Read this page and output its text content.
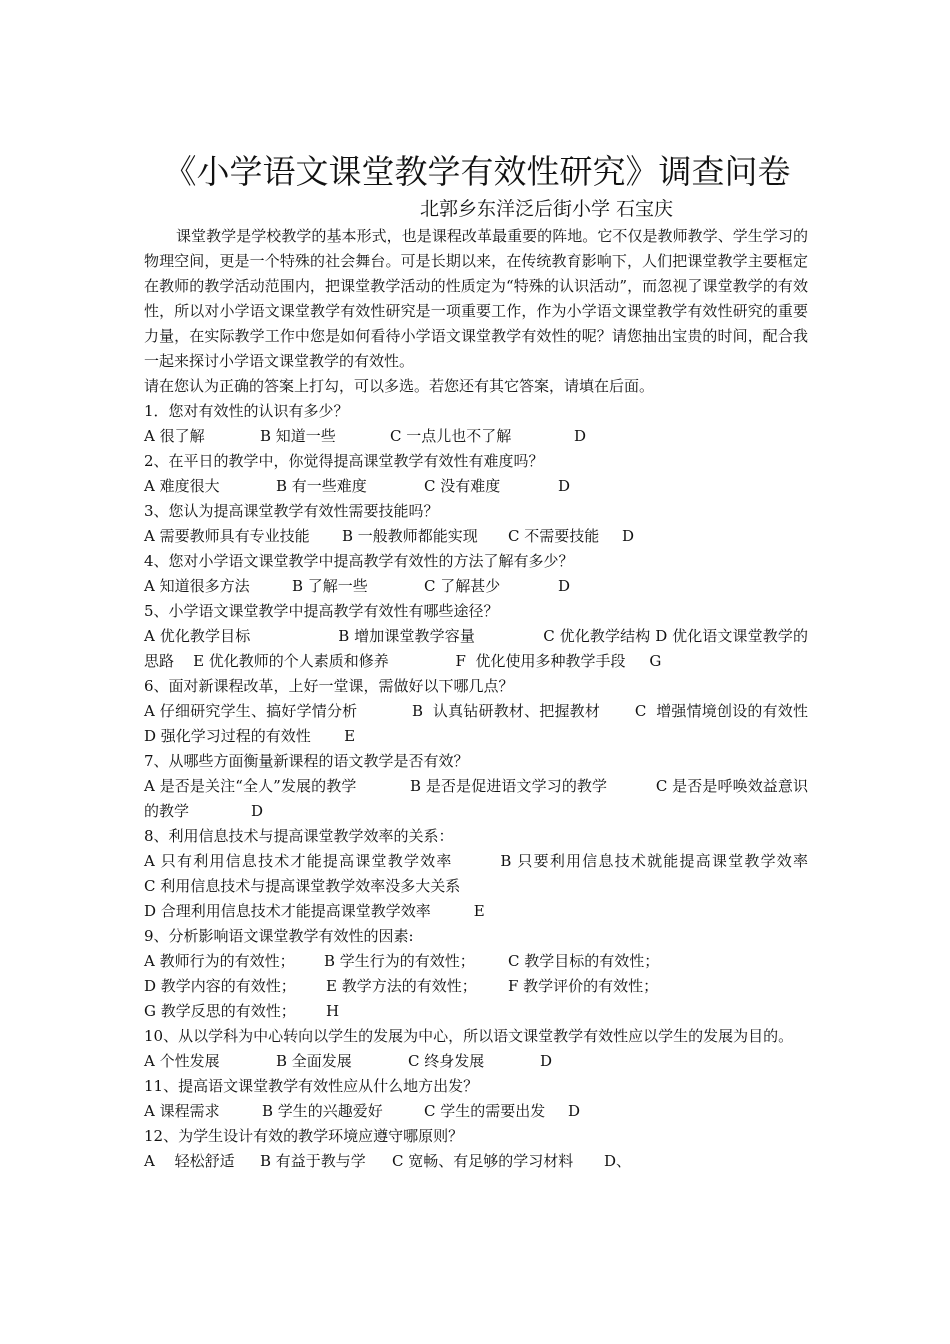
《小学语文课堂教学有效性研究》调查问卷
北郭乡东洋泛后街小学 石宝庆

课堂教学是学校教学的基本形式，也是课程改革最重要的阵地。它不仅是教师教学、学生学习的物理空间，更是一个特殊的社会舞台。可是长期以来，在传统教育影响下，人们把课堂教学主要框定在教师的教学活动范围内，把课堂教学活动的性质定为“特殊的认识活动”，而忽视了课堂教学的有效性，所以对小学语文课堂教学有效性研究是一项重要工作，作为小学语文课堂教学有效性研究的重要力量，在实际教学工作中您是如何看待小学语文课堂教学有效性的呢？请您抽出宝贵的时间，配合我一起来探讨小学语文课堂教学的有效性。

请在您认为正确的答案上打勾，可以多选。若您还有其它答案，请填在后面。

1．您对有效性的认识有多少？

A 很了解	B 知道一些	C 一点儿也不了解	D

2、在平日的教学中，你觉得提高课堂教学有效性有难度吗？

A 难度很大	B 有一些难度	C 没有难度	D

3、您认为提高课堂教学有效性需要技能吗？

A 需要教师具有专业技能 B 一般教师都能实现 C 不需要技能 D

4、您对小学语文课堂教学中提高教学有效性的方法了解有多少？

A 知道很多方法	B 了解一些	C 了解甚少	D

5、小学语文课堂教学中提高教学有效性有哪些途径？

A 优化教学目标                  B 增加课堂教学容量              C 优化教学结构 D 优化语文课堂教学的思路    E 优化教师的个人素质和修养              F  优化使用多种教学手段     G

6、面对新课程改革，上好一堂课，需做好以下哪几点？

A 仔细研究学生、搞好学情分析           B  认真钻研教材、把握教材       C  增强情境创设的有效性       D 强化学习过程的有效性       E

7、从哪些方面衡量新课程的语文教学是否有效？

A 是否是关注“全人”发展的教学           B 是否是促进语文学习的教学          C 是否是呼唤效益意识的教学             D

8、利用信息技术与提高课堂教学效率的关系：

A 只有利用信息技术才能提高课堂教学效率        B 只要利用信息技术就能提高课堂教学效率              C 利用信息技术与提高课堂教学效率没多大关系

D 合理利用信息技术才能提高课堂教学效率         E

9、分析影响语文课堂教学有效性的因素:

A 教师行为的有效性； B 学生行为的有效性； C 教学目标的有效性；

D 教学内容的有效性； E 教学方法的有效性； F 教学评价的有效性；

G 教学反思的有效性； H

10、从以学科为中心转向以学生的发展为中心，所以语文课堂教学有效性应以学生的发展为目的。

A 个性发展	B 全面发展	C 终身发展	D

11、提高语文课堂教学有效性应从什么地方出发？

A 课程需求	B 学生的兴趣爱好	C 学生的需要出发 D

12、为学生设计有效的教学环境应遵守哪原则？

A　 轻松舒适 B 有益于教与学 C 宽畅、有足够的学习材料 D、
